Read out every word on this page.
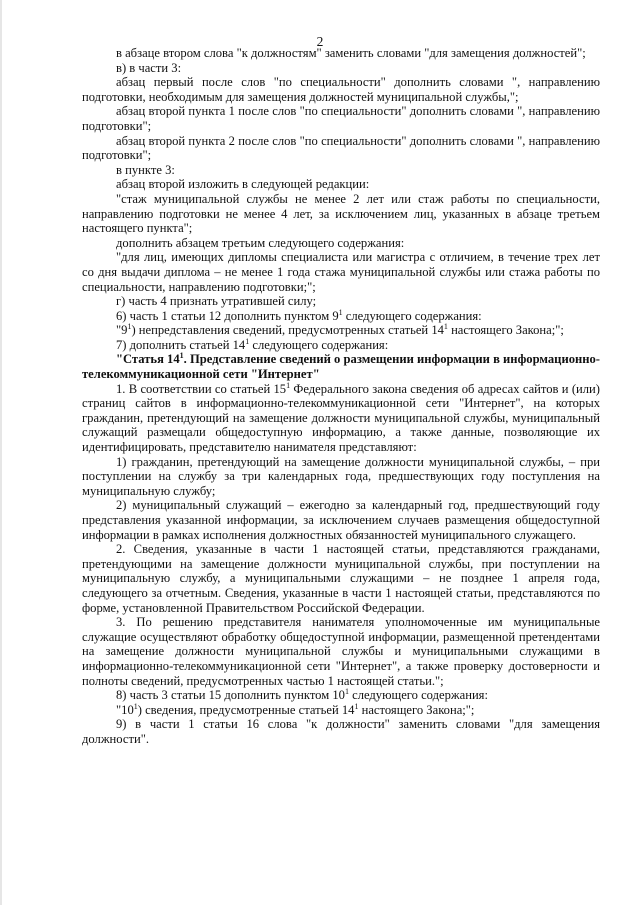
2

в абзаце втором слова "к должностям" заменить словами "для замещения должностей";

в) в части 3:

абзац первый после слов "по специальности" дополнить словами ", направлению подготовки, необходимым для замещения должностей муниципальной службы,";

абзац второй пункта 1 после слов "по специальности" дополнить словами ", направлению подготовки";

абзац второй пункта 2 после слов "по специальности" дополнить словами ", направлению подготовки";

в пункте 3:

абзац второй изложить в следующей редакции:

"стаж муниципальной службы не менее 2 лет или стаж работы по специальности, направлению подготовки не менее 4 лет, за исключением лиц, указанных в абзаце третьем настоящего пункта";

дополнить абзацем третьим следующего содержания:

"для лиц, имеющих дипломы специалиста или магистра с отличием, в течение трех лет со дня выдачи диплома – не менее 1 года стажа муниципальной службы или стажа работы по специальности, направлению подготовки;";

г) часть 4 признать утратившей силу;

6) часть 1 статьи 12 дополнить пунктом $9^1$ следующего содержания:

"$9^1$) непредставления сведений, предусмотренных статьей $14^1$ настоящего Закона;";

7) дополнить статьей $14^1$ следующего содержания:

"Статья $14^1$. Представление сведений о размещении информации в информационно-телекоммуникационной сети "Интернет"

1. В соответствии со статьей $15^1$ Федерального закона сведения об адресах сайтов и (или) страниц сайтов в информационно-телекоммуникационной сети "Интернет", на которых гражданин, претендующий на замещение должности муниципальной службы, муниципальный служащий размещали общедоступную информацию, а также данные, позволяющие их идентифицировать, представителю нанимателя представляют:

1) гражданин, претендующий на замещение должности муниципальной службы, – при поступлении на службу за три календарных года, предшествующих году поступления на муниципальную службу;

2) муниципальный служащий – ежегодно за календарный год, предшествующий году представления указанной информации, за исключением случаев размещения общедоступной информации в рамках исполнения должностных обязанностей муниципального служащего.

2. Сведения, указанные в части 1 настоящей статьи, представляются гражданами, претендующими на замещение должности муниципальной службы, при поступлении на муниципальную службу, а муниципальными служащими – не позднее 1 апреля года, следующего за отчетным. Сведения, указанные в части 1 настоящей статьи, представляются по форме, установленной Правительством Российской Федерации.

3. По решению представителя нанимателя уполномоченные им муниципальные служащие осуществляют обработку общедоступной информации, размещенной претендентами на замещение должности муниципальной службы и муниципальными служащими в информационно-телекоммуникационной сети "Интернет", а также проверку достоверности и полноты сведений, предусмотренных частью 1 настоящей статьи.";

8) часть 3 статьи 15 дополнить пунктом $10^1$ следующего содержания:

"$10^1$) сведения, предусмотренные статьей $14^1$ настоящего Закона;";

9) в части 1 статьи 16 слова "к должности" заменить словами "для замещения должности".
